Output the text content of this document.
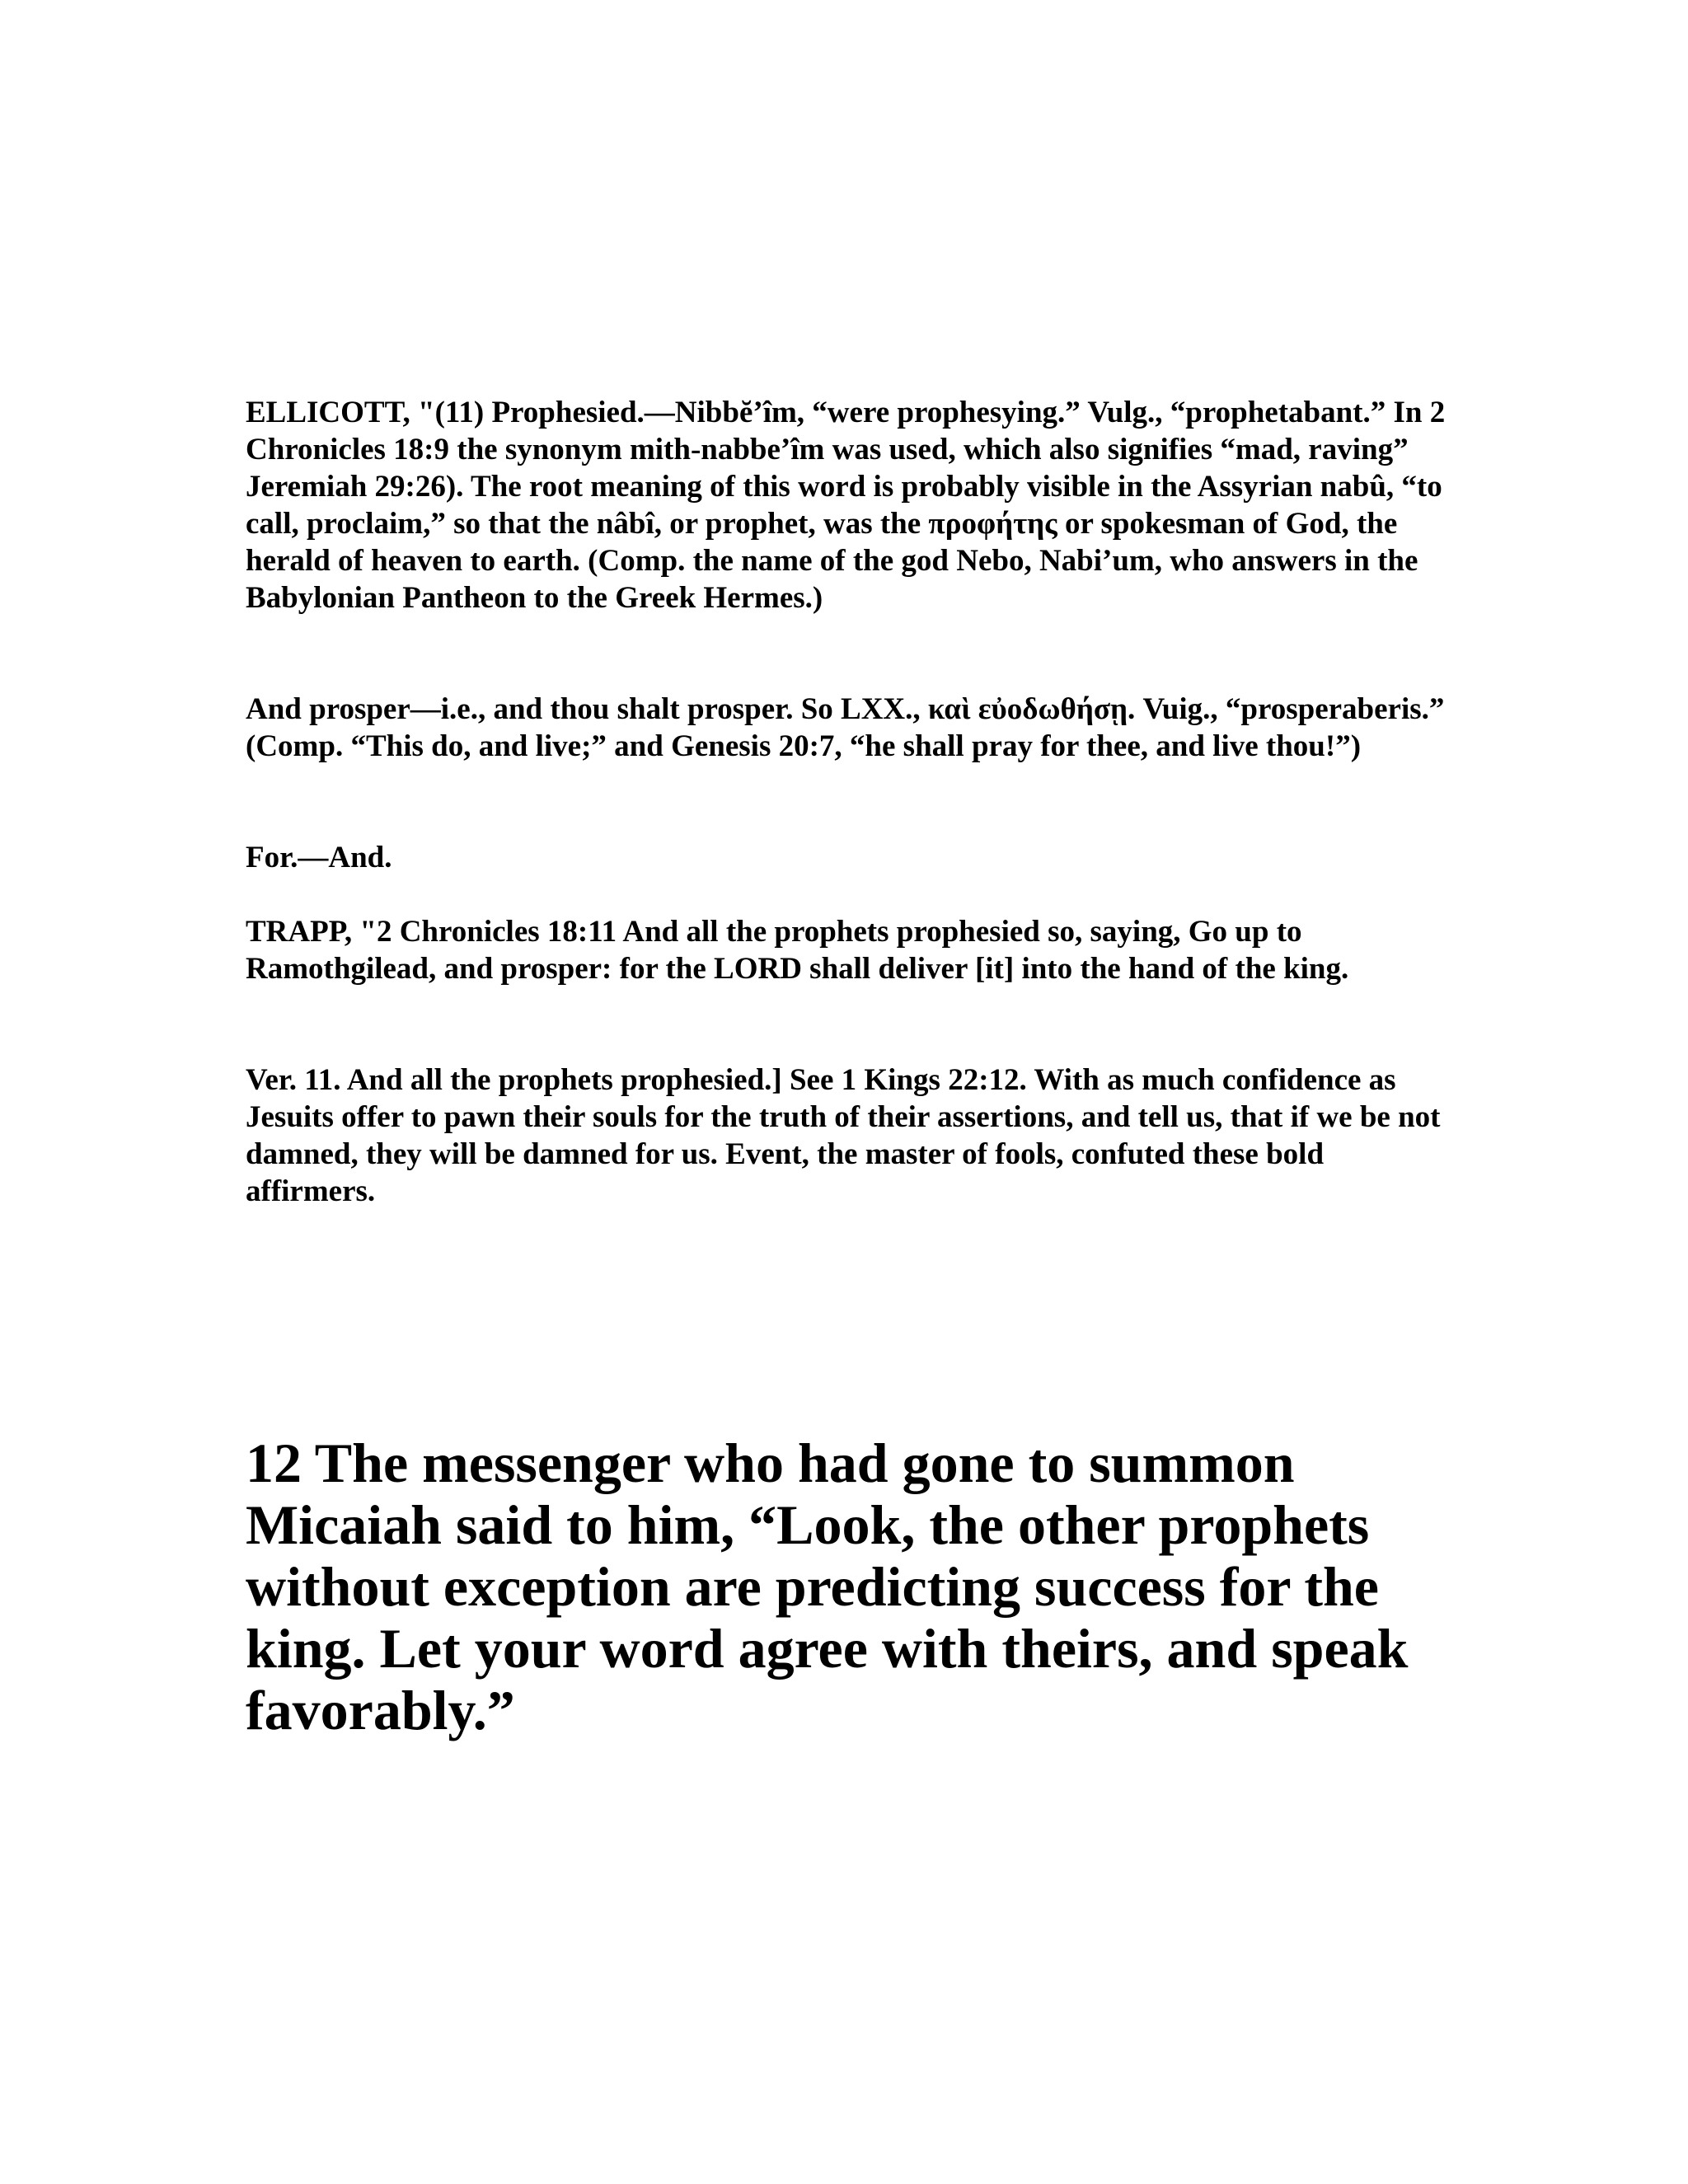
ELLICOTT, "(11) Prophesied.—Nibbĕ’îm, “were prophesying.” Vulg., “prophetabant.” In 2 Chronicles 18:9 the synonym mith-nabbe’îm was used, which also signifies “mad, raving” Jeremiah 29:26). The root meaning of this word is probably visible in the Assyrian nabû, “to call, proclaim,” so that the nâbî, or prophet, was the προφήτης or spokesman of God, the herald of heaven to earth. (Comp. the name of the god Nebo, Nabi’um, who answers in the Babylonian Pantheon to the Greek Hermes.)

And prosper—i.e., and thou shalt prosper. So LXX., καὶ εὐοδωθήσῃ. Vuig., “prosperaberis.” (Comp. “This do, and live;” and Genesis 20:7, “he shall pray for thee, and live thou!”)

For.—And.

TRAPP, "2 Chronicles 18:11 And all the prophets prophesied so, saying, Go up to Ramothgilead, and prosper: for the LORD shall deliver [it] into the hand of the king.

Ver. 11. And all the prophets prophesied.] See 1 Kings 22:12. With as much confidence as Jesuits offer to pawn their souls for the truth of their assertions, and tell us, that if we be not damned, they will be damned for us. Event, the master of fools, confuted these bold affirmers.

12 The messenger who had gone to summon Micaiah said to him, “Look, the other prophets without exception are predicting success for the king. Let your word agree with theirs, and speak favorably.”
